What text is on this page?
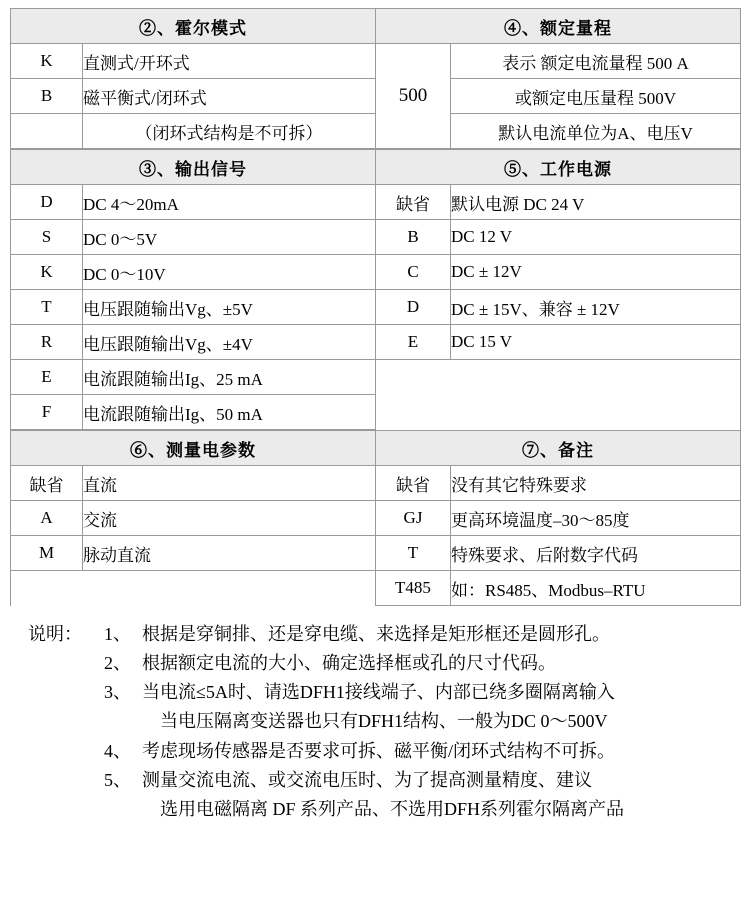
②、霍尔模式		④、额定量程	
K	直测式/开环式	500	表示 额定电流量程 500 A
B	磁平衡式/闭环式		或额定电压量程 500V
	（闭环式结构是不可拆）		默认电流单位为A、电压V
③、输出信号		⑤、工作电源	
D	DC 4～20mA	缺省	默认电源 DC 24 V
S	DC 0～5V	B	DC 12 V
K	DC 0～10V	C	DC ± 12V
T	电压跟随输出Vg、±5V	D	DC ± 15V、兼容 ± 12V
R	电压跟随输出Vg、±4V	E	DC 15 V
E	电流跟随输出Ig、25 mA		
F	电流跟随输出Ig、50 mA		
⑥、测量电参数		⑦、备注	
缺省	直流	缺省	没有其它特殊要求
A	交流	GJ	更高环境温度–30～85度
M	脉动直流	T	特殊要求、后附数字代码
		T485	如：RS485、Modbus–RTU
说明：	1、 根据是穿铜排、还是穿电缆、来选择是矩形框还是圆形孔。
2、 根据额定电流的大小、确定选择框或孔的尺寸代码。
3、 当电流≤5A时、请选DFH1接线端子、内部已绕多圈隔离输入
当电压隔离变送器也只有DFH1结构、一般为DC 0～500V
4、 考虑现场传感器是否要求可拆、磁平衡/闭环式结构不可拆。
5、 测量交流电流、或交流电压时、为了提高测量精度、建议
选用电磁隔离 DF 系列产品、不选用DFH系列霍尔隔离产品
